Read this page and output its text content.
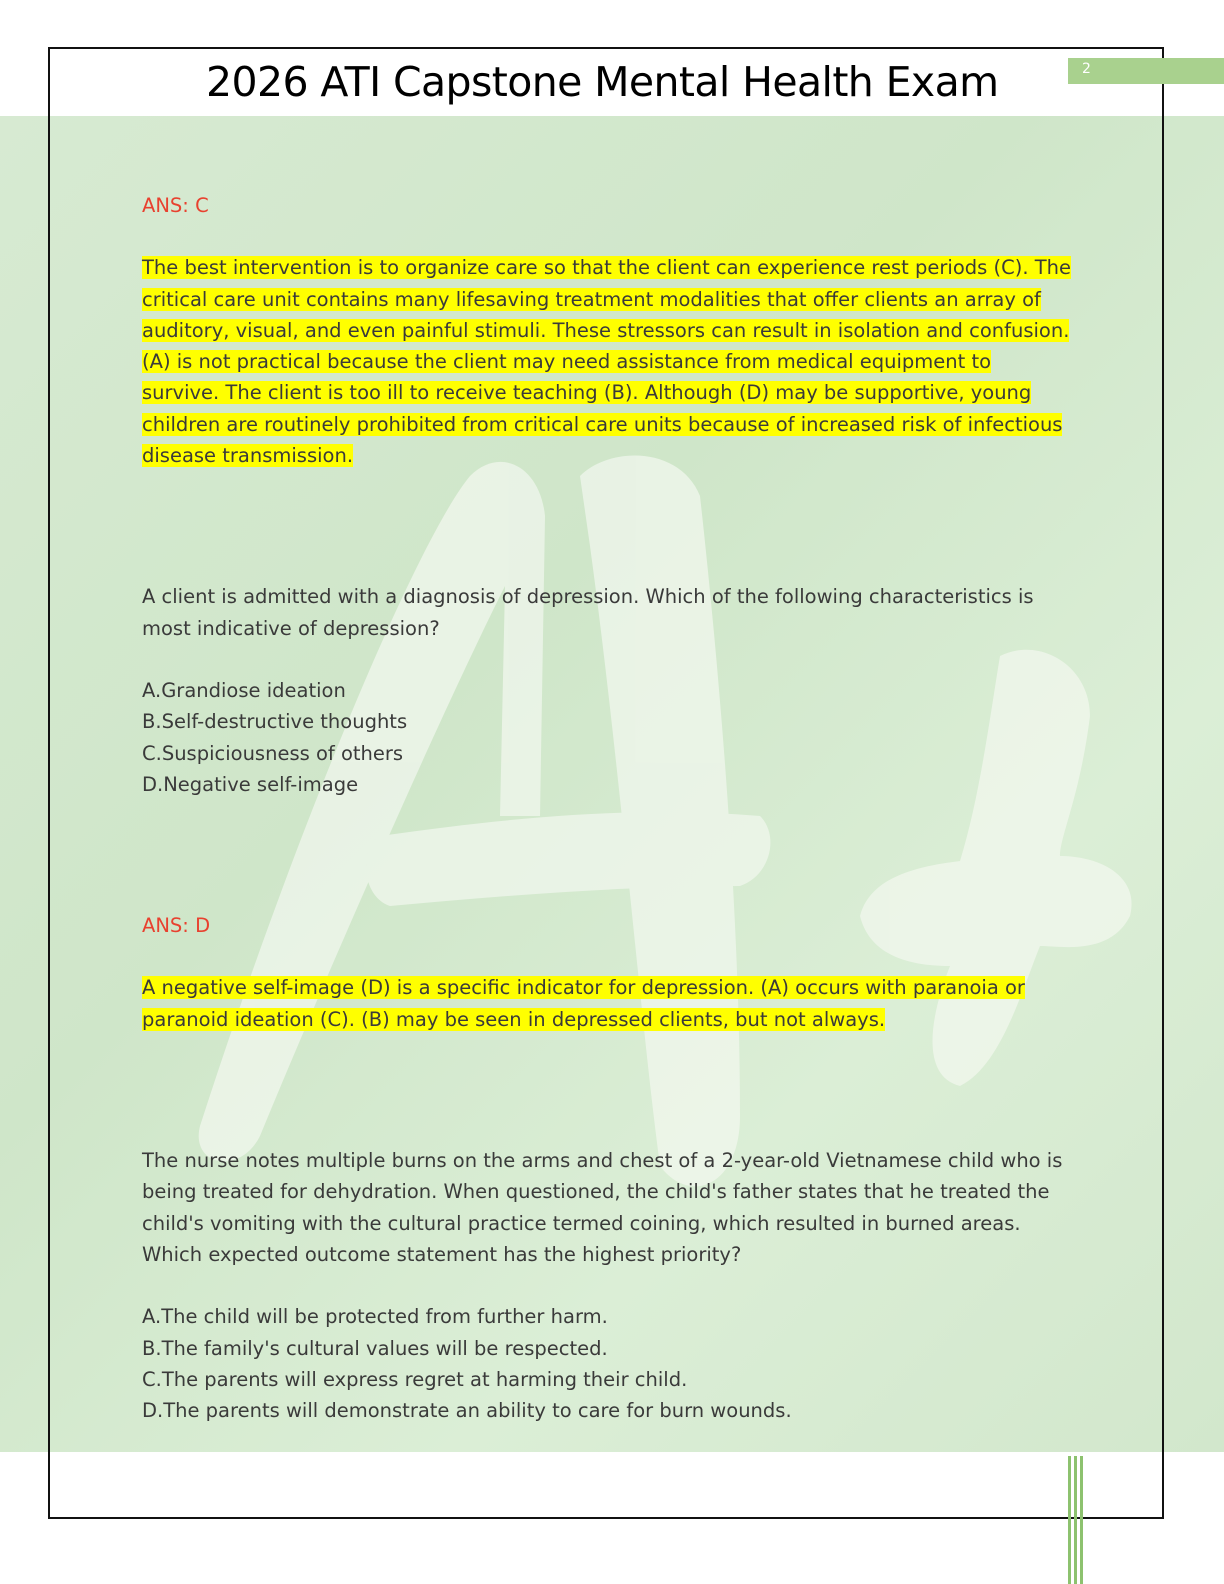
2026 ATI Capstone Mental Health Exam	2

ANS: C

The best intervention is to organize care so that the client can experience rest periods (C). The critical care unit contains many lifesaving treatment modalities that offer clients an array of auditory, visual, and even painful stimuli. These stressors can result in isolation and confusion. (A) is not practical because the client may need assistance from medical equipment to survive. The client is too ill to receive teaching (B). Although (D) may be supportive, young children are routinely prohibited from critical care units because of increased risk of infectious disease transmission.

A client is admitted with a diagnosis of depression. Which of the following characteristics is most indicative of depression?

A.Grandiose ideation

B.Self-destructive thoughts

C.Suspiciousness of others

D.Negative self-image

ANS: D

A negative self-image (D) is a specific indicator for depression. (A) occurs with paranoia or paranoid ideation (C). (B) may be seen in depressed clients, but not always.

The nurse notes multiple burns on the arms and chest of a 2-year-old Vietnamese child who is being treated for dehydration. When questioned, the child's father states that he treated the child's vomiting with the cultural practice termed coining, which resulted in burned areas. Which expected outcome statement has the highest priority?

A.The child will be protected from further harm.

B.The family's cultural values will be respected.

C.The parents will express regret at harming their child.

D.The parents will demonstrate an ability to care for burn wounds.
